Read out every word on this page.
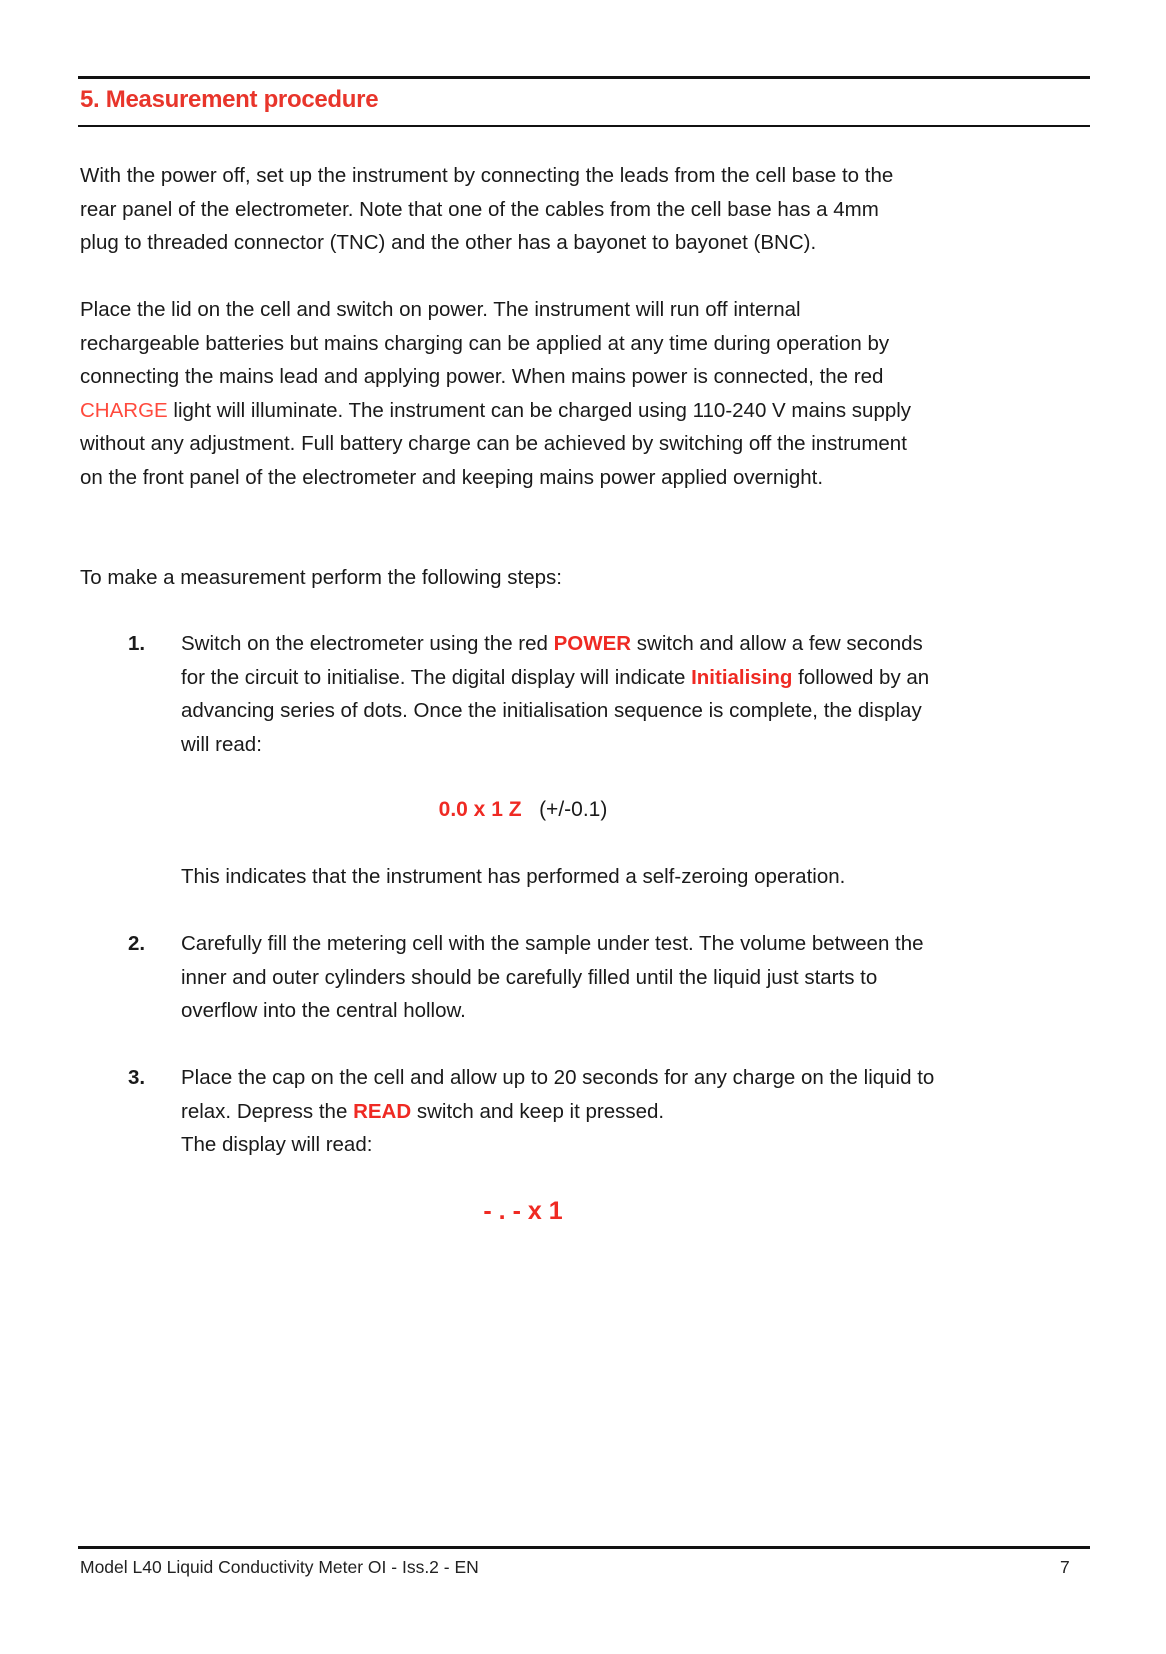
5. Measurement procedure
With the power off, set up the instrument by connecting the leads from the cell base to the rear panel of the electrometer. Note that one of the cables from the cell base has a 4mm plug to threaded connector (TNC) and the other has a bayonet to bayonet (BNC).
Place the lid on the cell and switch on power. The instrument will run off internal rechargeable batteries but mains charging can be applied at any time during operation by connecting the mains lead and applying power. When mains power is connected, the red CHARGE light will illuminate. The instrument can be charged using 110-240 V mains supply without any adjustment. Full battery charge can be achieved by switching off the instrument on the front panel of the electrometer and keeping mains power applied overnight.
To make a measurement perform the following steps:
1. Switch on the electrometer using the red POWER switch and allow a few seconds for the circuit to initialise. The digital display will indicate Initialising followed by an advancing series of dots. Once the initialisation sequence is complete, the display will read:
0.0 x 1 Z (+/-0.1)
This indicates that the instrument has performed a self-zeroing operation.
2. Carefully fill the metering cell with the sample under test. The volume between the inner and outer cylinders should be carefully filled until the liquid just starts to overflow into the central hollow.
3. Place the cap on the cell and allow up to 20 seconds for any charge on the liquid to relax. Depress the READ switch and keep it pressed.
The display will read:
- . - x 1
Model L40 Liquid Conductivity Meter OI - Iss.2 - EN	7
